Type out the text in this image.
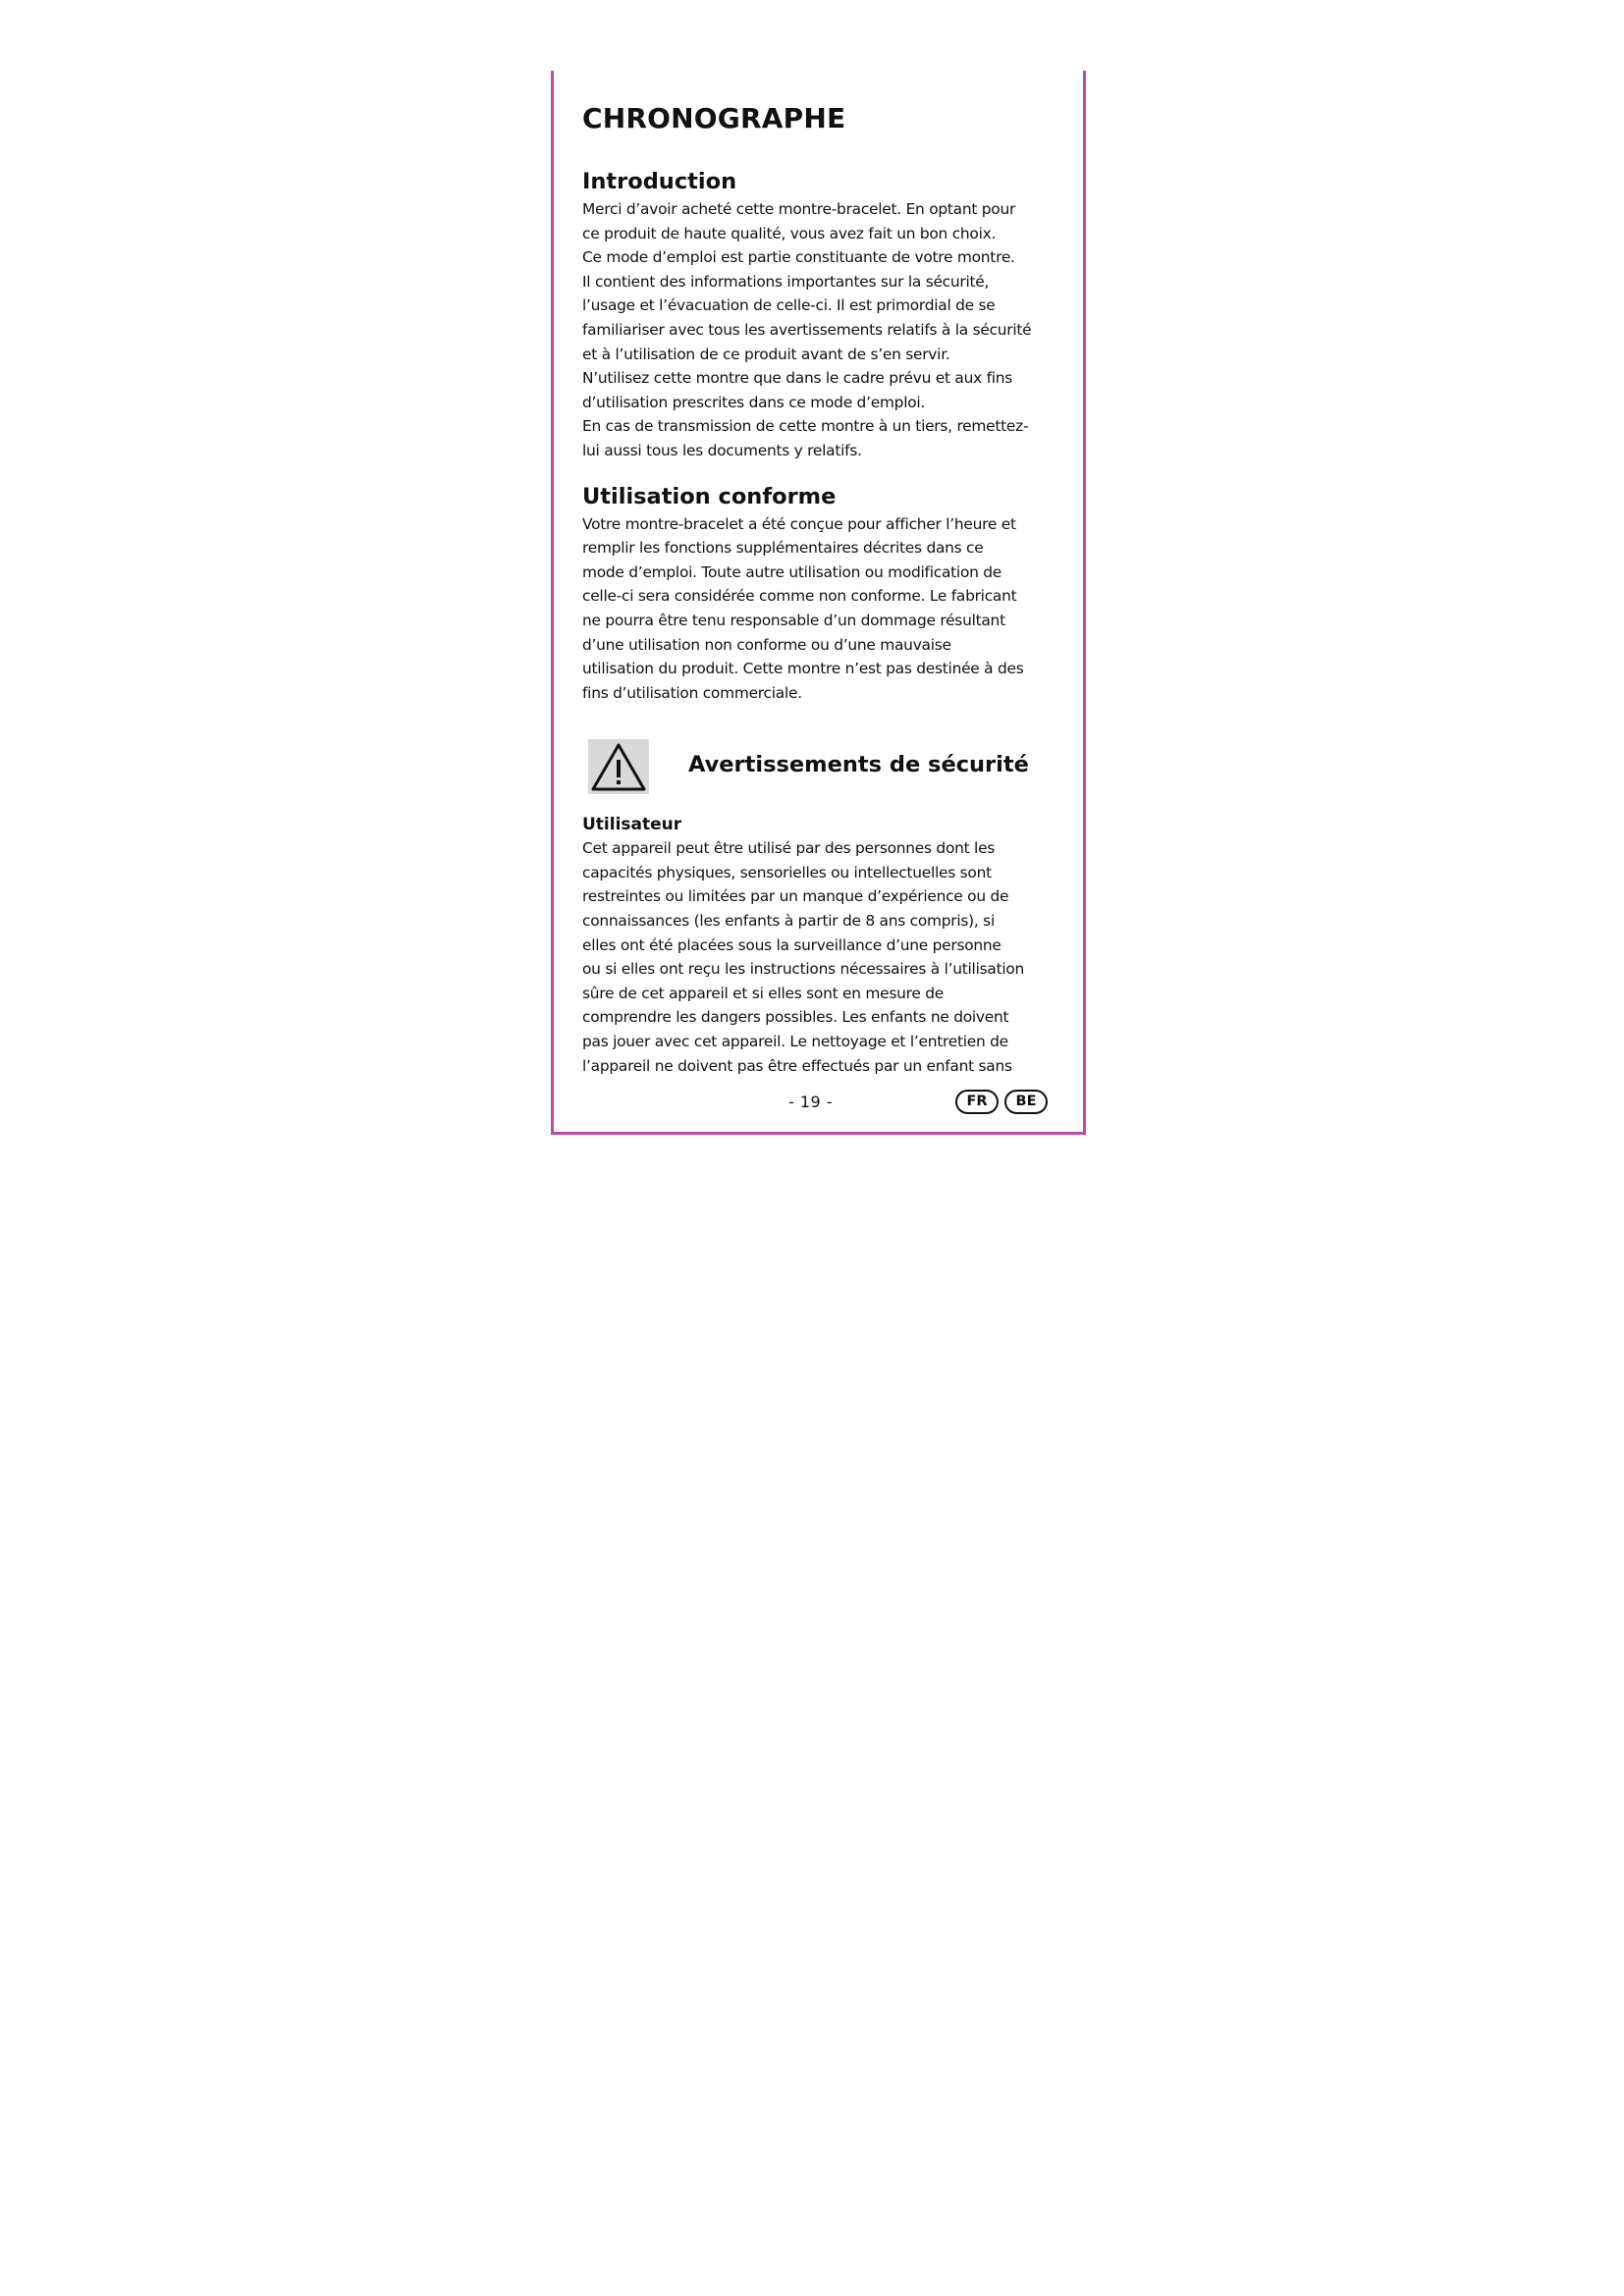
CHRONOGRAPHE
Introduction

Merci d’avoir acheté cette montre-bracelet. En optant pour
ce produit de haute qualité, vous avez fait un bon choix.
Ce mode d’emploi est partie constituante de votre montre.
Il contient des informations importantes sur la sécurité,
l’usage et l’évacuation de celle-ci. Il est primordial de se
familiariser avec tous les avertissements relatifs à la sécurité
et à l’utilisation de ce produit avant de s’en servir.
N’utilisez cette montre que dans le cadre prévu et aux fins
d’utilisation prescrites dans ce mode d’emploi.
En cas de transmission de cette montre à un tiers, remettez-
lui aussi tous les documents y relatifs.

Utilisation conforme

Votre montre-bracelet a été conçue pour afficher l’heure et
remplir les fonctions supplémentaires décrites dans ce
mode d’emploi. Toute autre utilisation ou modification de
celle-ci sera considérée comme non conforme. Le fabricant
ne pourra être tenu responsable d’un dommage résultant
d’une utilisation non conforme ou d’une mauvaise
utilisation du produit. Cette montre n’est pas destinée à des
fins d’utilisation commerciale.

Avertissements de sécurité
Utilisateur

Cet appareil peut être utilisé par des personnes dont les
capacités physiques, sensorielles ou intellectuelles sont
restreintes ou limitées par un manque d’expérience ou de
connaissances (les enfants à partir de 8 ans compris), si
elles ont été placées sous la surveillance d’une personne
ou si elles ont reçu les instructions nécessaires à l’utilisation
sûre de cet appareil et si elles sont en mesure de
comprendre les dangers possibles. Les enfants ne doivent
pas jouer avec cet appareil. Le nettoyage et l’entretien de
l’appareil ne doivent pas être effectués par un enfant sans

- 19 -	FR	BE
